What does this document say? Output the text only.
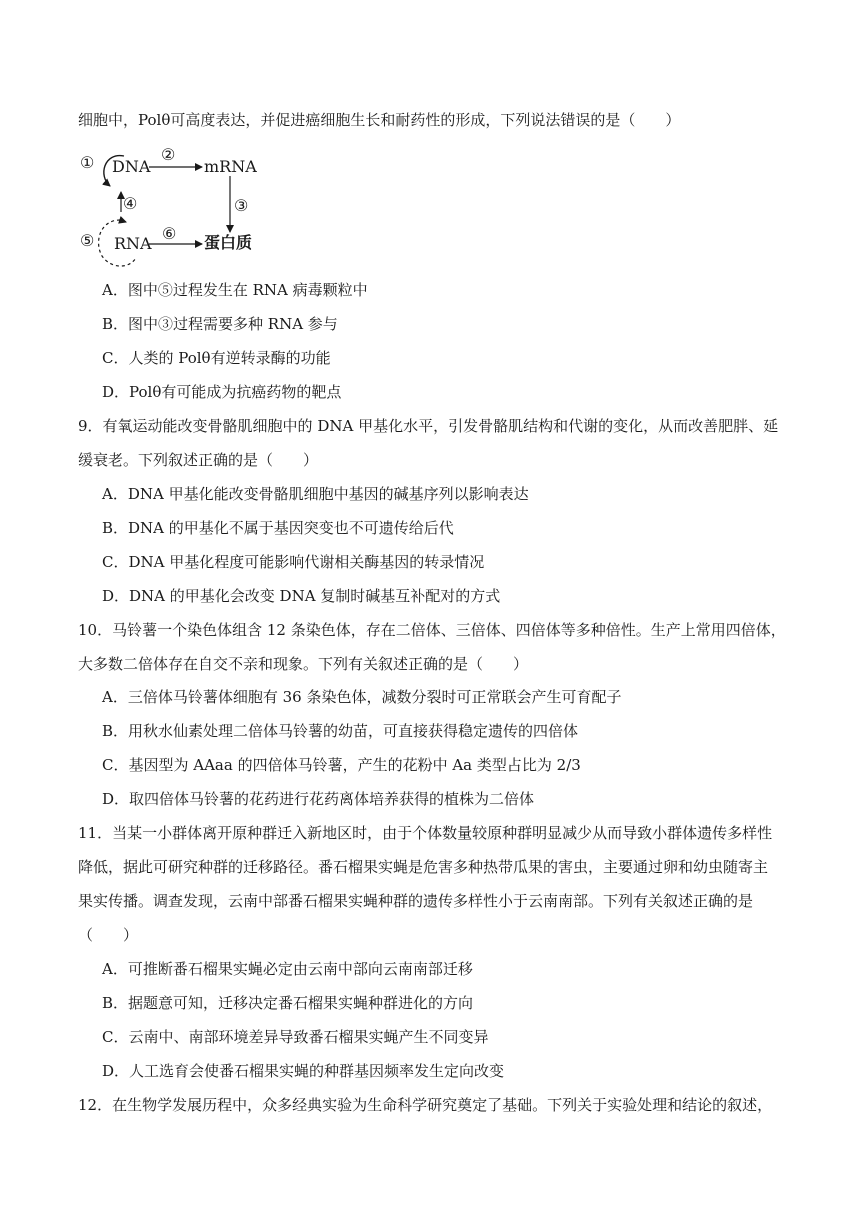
细胞中，Polθ可高度表达，并促进癌细胞生长和耐药性的形成，下列说法错误的是（　　）
① DNA
②
mRNA
③
④
⑤ RNA
⑥ 蛋白质
A．图中⑤过程发生在 RNA 病毒颗粒中
B．图中③过程需要多种 RNA 参与
C．人类的 Polθ有逆转录酶的功能
D．Polθ有可能成为抗癌药物的靶点
9．有氧运动能改变骨骼肌细胞中的 DNA 甲基化水平，引发骨骼肌结构和代谢的变化，从而改善肥胖、延
缓衰老。下列叙述正确的是（　　）
A．DNA 甲基化能改变骨骼肌细胞中基因的碱基序列以影响表达
B．DNA 的甲基化不属于基因突变也不可遗传给后代
C．DNA 甲基化程度可能影响代谢相关酶基因的转录情况
D．DNA 的甲基化会改变 DNA 复制时碱基互补配对的方式
10．马铃薯一个染色体组含 12 条染色体，存在二倍体、三倍体、四倍体等多种倍性。生产上常用四倍体，
大多数二倍体存在自交不亲和现象。下列有关叙述正确的是（　　）
A．三倍体马铃薯体细胞有 36 条染色体，减数分裂时可正常联会产生可育配子
B．用秋水仙素处理二倍体马铃薯的幼苗，可直接获得稳定遗传的四倍体
C．基因型为 AAaa 的四倍体马铃薯，产生的花粉中 Aa 类型占比为 2/3
D．取四倍体马铃薯的花药进行花药离体培养获得的植株为二倍体
11．当某一小群体离开原种群迁入新地区时，由于个体数量较原种群明显减少从而导致小群体遗传多样性
降低，据此可研究种群的迁移路径。番石榴果实蝇是危害多种热带瓜果的害虫，主要通过卵和幼虫随寄主
果实传播。调查发现，云南中部番石榴果实蝇种群的遗传多样性小于云南南部。下列有关叙述正确的是
（　　）
A．可推断番石榴果实蝇必定由云南中部向云南南部迁移
B．据题意可知，迁移决定番石榴果实蝇种群进化的方向
C．云南中、南部环境差异导致番石榴果实蝇产生不同变异
D．人工选育会使番石榴果实蝇的种群基因频率发生定向改变
12．在生物学发展历程中，众多经典实验为生命科学研究奠定了基础。下列关于实验处理和结论的叙述，
